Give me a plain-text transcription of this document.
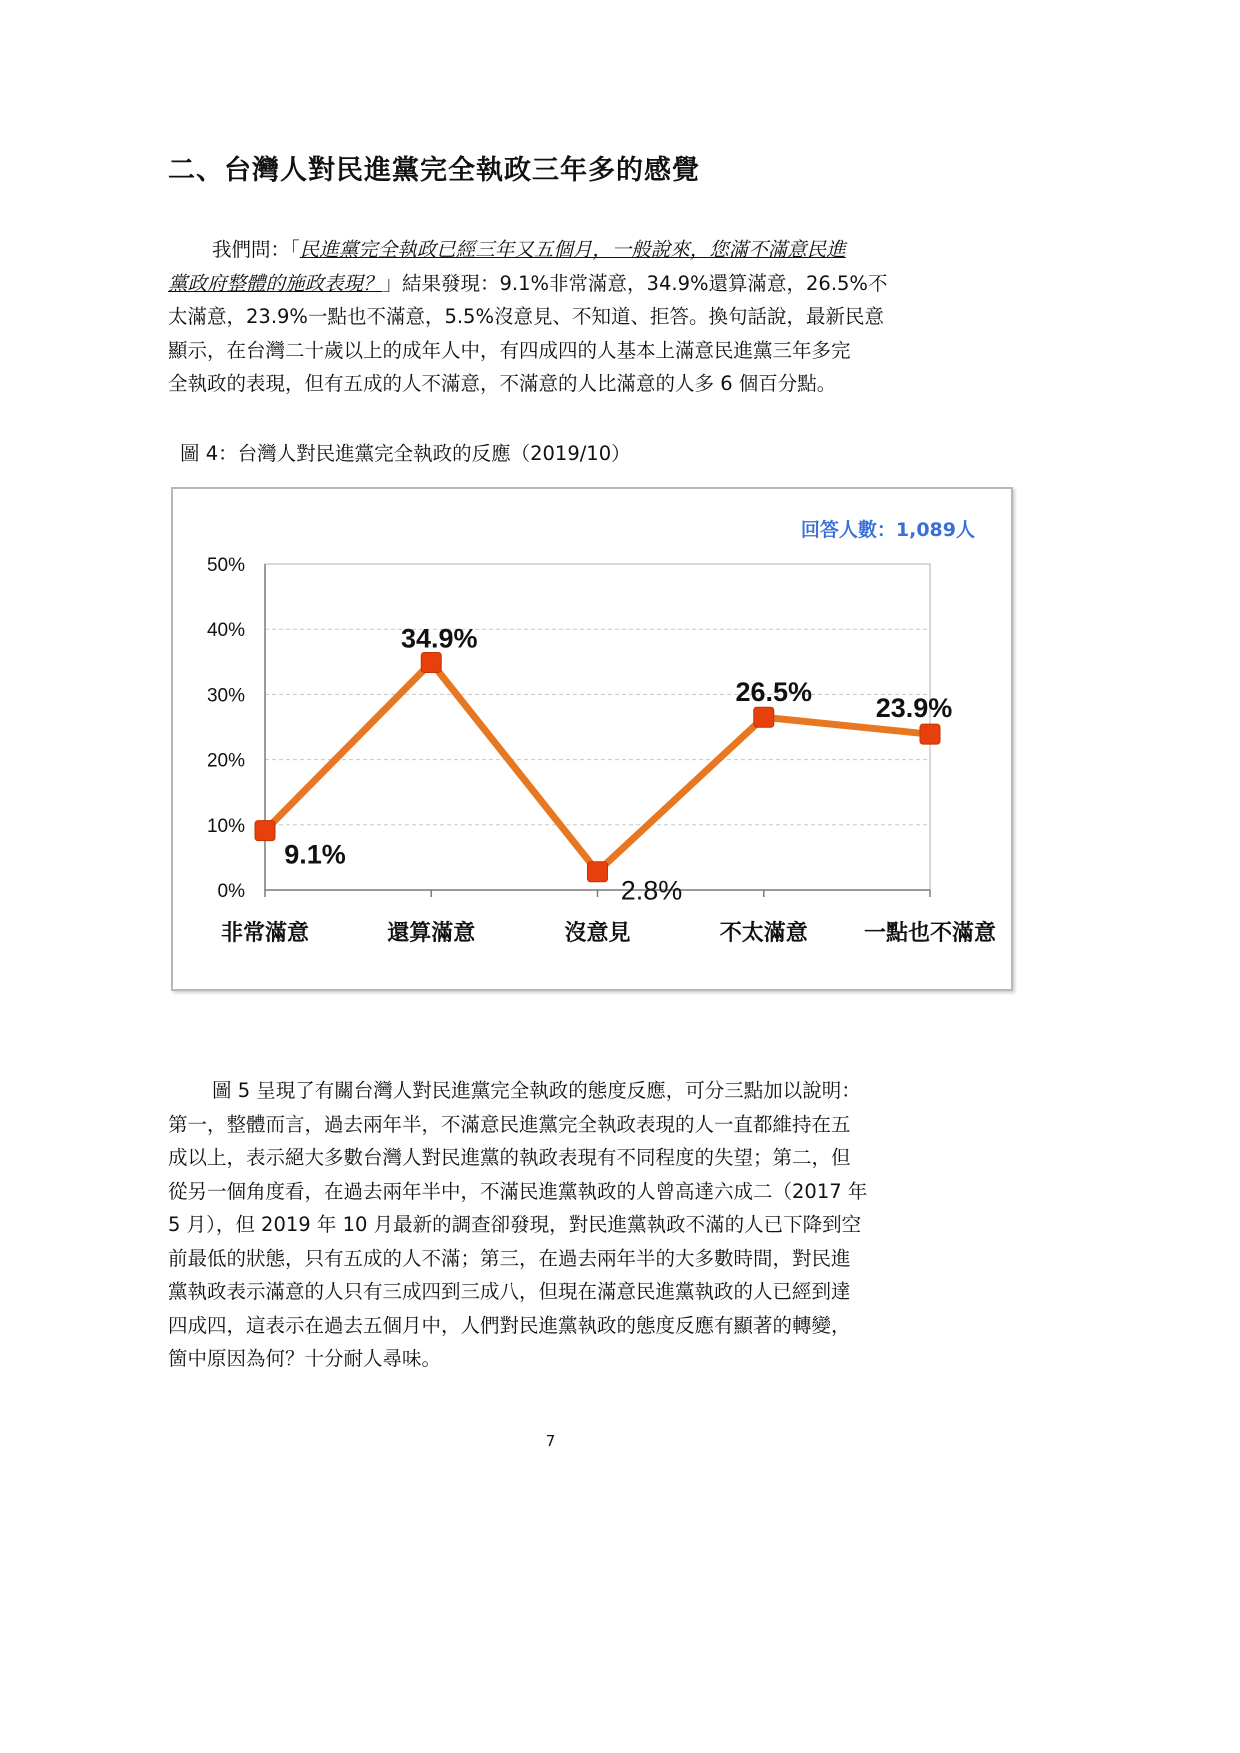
二、台灣人對民進黨完全執政三年多的感覺

我們問：「民進黨完全執政已經三年又五個月，一般說來，您滿不滿意民進
黨政府整體的施政表現？」結果發現：9.1%非常滿意，34.9%還算滿意，26.5%不
太滿意，23.9%一點也不滿意，5.5%沒意見、不知道、拒答。換句話說，最新民意
顯示，在台灣二十歲以上的成年人中，有四成四的人基本上滿意民進黨三年多完
全執政的表現，但有五成的人不滿意，不滿意的人比滿意的人多 6 個百分點。

圖 4：台灣人對民進黨完全執政的反應（2019/10）
0%
10%
20%
30%
40%
50%
非常滿意	還算滿意	沒意見	不太滿意	一點也不滿意
9.1%
34.9%
2.8%
26.5%
23.9%
回答人數：1,089人

圖 5 呈現了有關台灣人對民進黨完全執政的態度反應，可分三點加以說明：
第一，整體而言，過去兩年半，不滿意民進黨完全執政表現的人一直都維持在五
成以上，表示絕大多數台灣人對民進黨的執政表現有不同程度的失望；第二，但
從另一個角度看，在過去兩年半中，不滿民進黨執政的人曾高達六成二（2017 年
5 月），但 2019 年 10 月最新的調查卻發現，對民進黨執政不滿的人已下降到空
前最低的狀態，只有五成的人不滿；第三，在過去兩年半的大多數時間，對民進
黨執政表示滿意的人只有三成四到三成八，但現在滿意民進黨執政的人已經到達
四成四，這表示在過去五個月中，人們對民進黨執政的態度反應有顯著的轉變，
箇中原因為何？十分耐人尋味。

7
